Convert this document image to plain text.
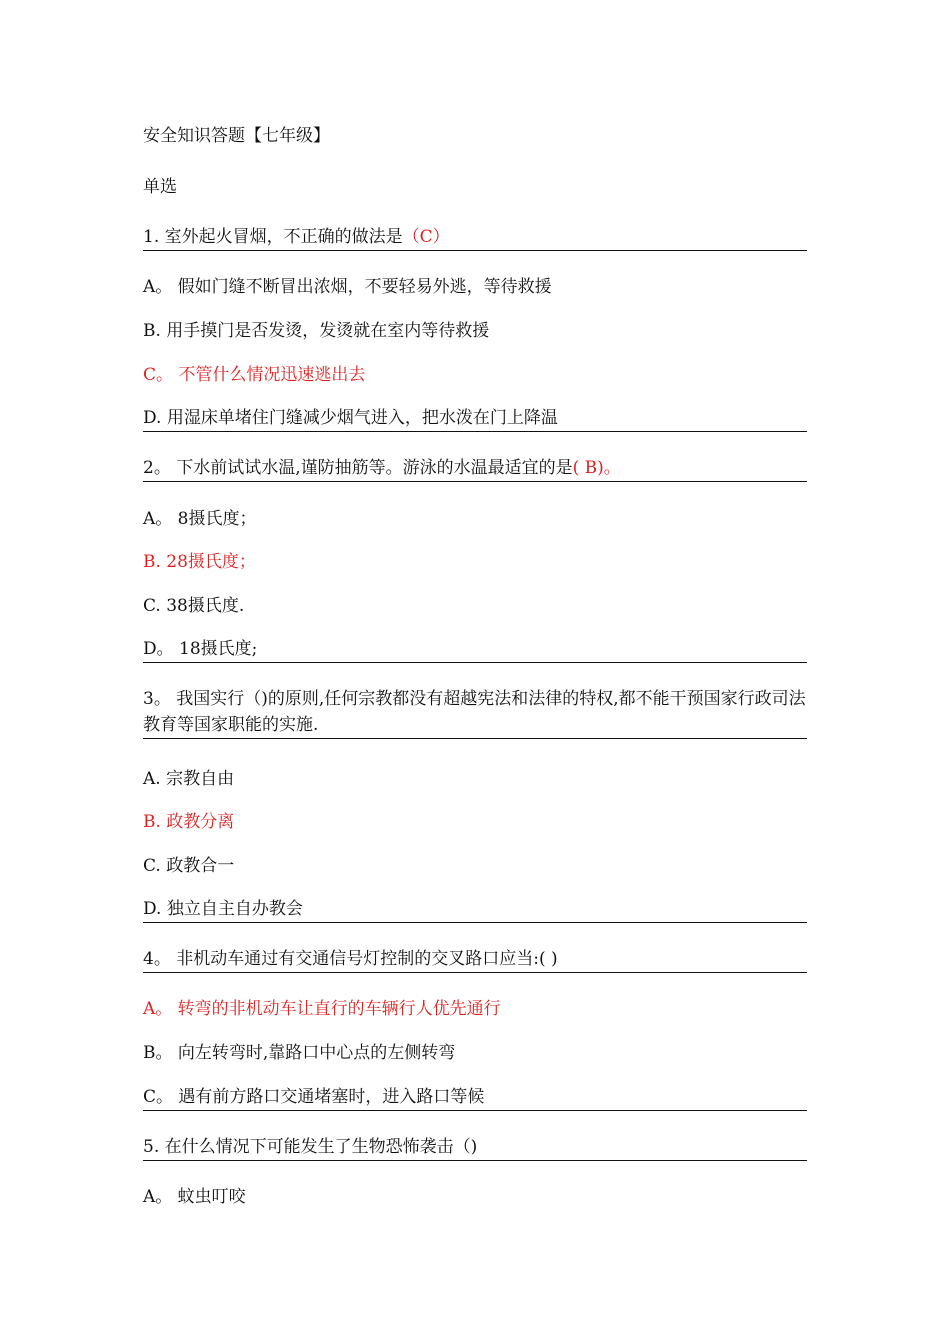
安全知识答题【七年级】
单选
1. 室外起火冒烟，不正确的做法是（C）
A。 假如门缝不断冒出浓烟，不要轻易外逃，等待救援
B. 用手摸门是否发烫，发烫就在室内等待救援
C。 不管什么情况迅速逃出去
D. 用湿床单堵住门缝减少烟气进入，把水泼在门上降温
2。 下水前试试水温,谨防抽筋等。游泳的水温最适宜的是( B)。
A。 8摄氏度；
B. 28摄氏度；
C. 38摄氏度.
D。 18摄氏度;
3。 我国实行（)的原则,任何宗教都没有超越宪法和法律的特权,都不能干预国家行政司法教育等国家职能的实施.
A. 宗教自由
B. 政教分离
C. 政教合一
D. 独立自主自办教会
4。 非机动车通过有交通信号灯控制的交叉路口应当:( )
A。 转弯的非机动车让直行的车辆行人优先通行
B。 向左转弯时,靠路口中心点的左侧转弯
C。 遇有前方路口交通堵塞时，进入路口等候
5. 在什么情况下可能发生了生物恐怖袭击（)
A。 蚊虫叮咬
